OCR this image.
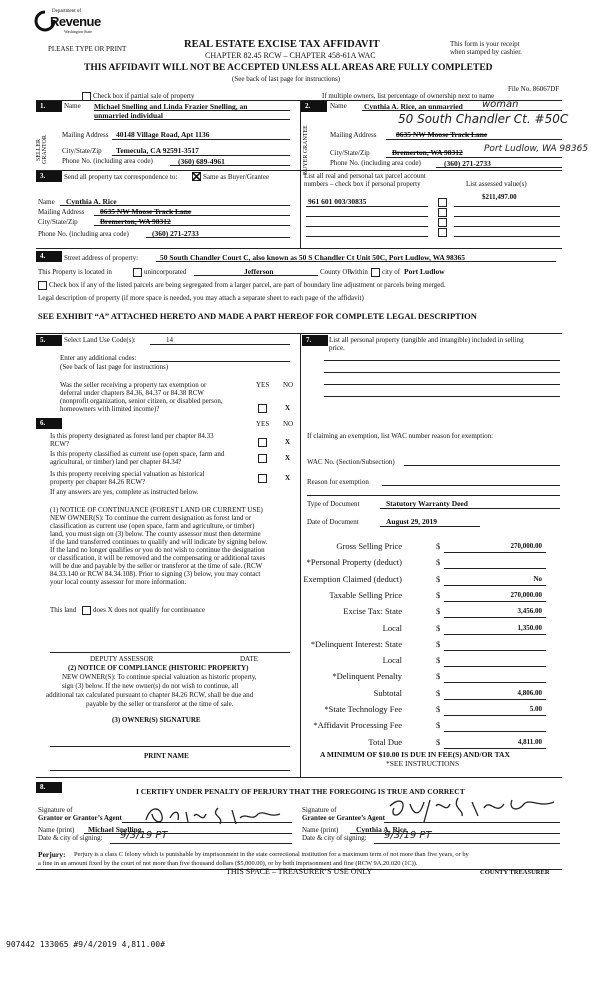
Department of
Revenue
Washington State
PLEASE TYPE OR PRINT	REAL ESTATE EXCISE TAX AFFIDAVIT
CHAPTER 82.45 RCW – CHAPTER 458-61A WAC
This form is your receipt
when stamped by cashier.
THIS AFFIDAVIT WILL NOT BE ACCEPTED UNLESS ALL AREAS ARE FULLY COMPLETED
(See back of last page for instructions)
File No. 86067DF
Check box if partial sale of property	If multiple owners, list percentage of ownership next to name
1.
SELLER GRANTOR
Name Michael Snelling and Linda Frazier Snelling, an
unmarried individual
Mailing Address 40148 Village Road, Apt 1136
City/State/Zip Temecula, CA 92591-3517
Phone No. (including area code)	(360) 689-4961
2.
BUYER GRANTEE
Name Cynthia A. Rice, an unmarried woman
50 South Chandler Ct. #50C
Mailing Address	8635 NW Moose Track Lane
City/State/Zip	Bremerton, WA 98312 Port Ludlow, WA 98365
Phone No. (including area code)	(360) 271-2733
3.	Send all property tax correspondence to:	Same as Buyer/Grantee	List all real and personal tax parcel account
numbers – check box if personal property	List assessed value(s)
Name Cynthia A. Rice
Mailing Address 8635 NW Moose Track Lane
City/State/Zip	Bremerton, WA 98312
Phone No. (including area code)	(360) 271-2733
961 601 003/30835	$211,497.00
4.	Street address of property:	50 South Chandler Court C, also known as 50 S Chandler Ct Unit 50C, Port Ludlow, WA 98365
This Property is located in	unincorporated	Jefferson	County OR
within city of Port Ludlow
Check box if any of the listed parcels are being segregated from a larger parcel, are part of boundary line adjustment or parcels being merged.
Legal description of property (if more space is needed, you may attach a separate sheet to each page of the affidavit)
SEE EXHIBIT “A” ATTACHED HERETO AND MADE A PART HEREOF FOR COMPLETE LEGAL DESCRIPTION
5.	Select Land Use Code(s):	14
Enter any additional codes:
(See back of last page for instructions)
YES NO
Was the seller receiving a property tax exemption or
deferral under chapters 84.36, 84.37 or 84.38 RCW
(nonprofit organization, senior citizen, or disabled person,
homeowners with limited income)?	X
6.	YES NO
Is this property designated as forest land per chapter 84.33
RCW?	X
Is this property classified as current use (open space, farm and
agricultural, or timber) land per chapter 84.34?	X
Is this property receiving special valuation as historical
property per chapter 84.26 RCW?	X
If any answers are yes, complete as instructed below.
(1) NOTICE OF CONTINUANCE (FOREST LAND OR CURRENT USE)
NEW OWNER(S): To continue the current designation as forest land or
classification as current use (open space, farm and agriculture, or timber)
land, you must sign on (3) below. The county assessor must then determine
if the land transferred continues to qualify and will indicate by signing below.
If the land no longer qualifies or you do not wish to continue the designation
or classification, it will be removed and the compensating or additional taxes
will be due and payable by the seller or transferor at the time of sale. (RCW
84.33.140 or RCW 84.34.108). Prior to signing (3) below, you may contact
your local county assessor for more information.
This land does X does not qualify for continuance
DEPUTY ASSESSOR	DATE
(2) NOTICE OF COMPLIANCE (HISTORIC PROPERTY)
NEW OWNER(S): To continue special valuation as historic property,
sign (3) below. If the new owner(s) do not wish to continue, all
additional tax calculated pursuant to chapter 84.26 RCW, shall be due and
payable by the seller or transferor at the time of sale.
(3) OWNER(S) SIGNATURE
PRINT NAME
7.	List all personal property (tangible and intangible) included in selling
price.
If claiming an exemption, list WAC number reason for exemption:
WAC No. (Section/Subsection)
Reason for exemption
Type of Document	Statutory Warranty Deed
Date of Document	August 29, 2019
Gross Selling Price	$	270,000.00
*Personal Property (deduct)	$
Exemption Claimed (deduct)	$	No
Taxable Selling Price	$	270,000.00
Excise Tax: State	$	3,456.00
Local	$	1,350.00
*Delinquent Interest: State	$
Local	$
*Delinquent Penalty	$
Subtotal	$	4,806.00
*State Technology Fee	$	5.00
*Affidavit Processing Fee	$
Total Due	$	4,811.00
A MINIMUM OF $10.00 IS DUE IN FEE(S) AND/OR TAX
*SEE INSTRUCTIONS
8.	I CERTIFY UNDER PENALTY OF PERJURY THAT THE FOREGOING IS TRUE AND CORRECT
Signature of
Grantor or Grantor’s Agent
Name (print) Michael Snelling
Date & city of signing: 9/3/19 PT
Signature of
Grantee or Grantee’s Agent
Name (print) Cynthia A. Rice
Date & city of signing: 9/3/19 PT
Perjury: Perjury is a class C felony which is punishable by imprisonment in the state correctional institution for a maximum term of not more than five years, or by
a fine in an amount fixed by the court of not more than five thousand dollars ($5,000.00), or by both imprisonment and fine (RCW 9A.20.020 (1C)).
THIS SPACE – TREASURER’S USE ONLY	COUNTY TREASURER
907442 133065 #9/4/2019 4,811.00#
